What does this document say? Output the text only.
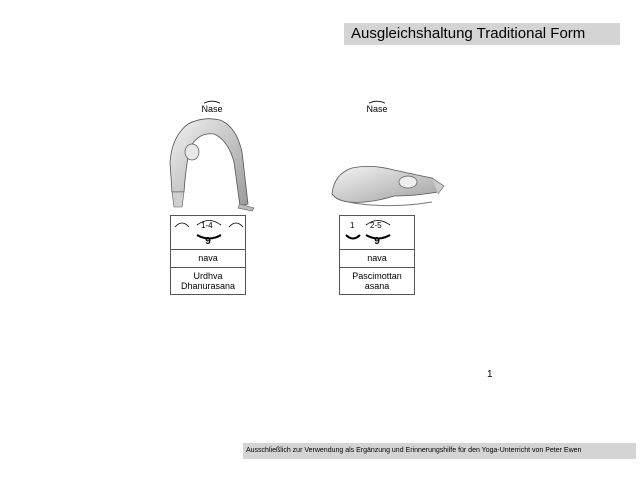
Ausgleichshaltung Traditional Form
Nase
1-4
9
nava
Urdhva
Dhanurasana
Nase
1 2-5
9
nava
Pascimottan
asana
1
Ausschließlich zur Verwendung als Ergänzung und Erinnerungshilfe für den Yoga-Unterricht von Peter Ewen
